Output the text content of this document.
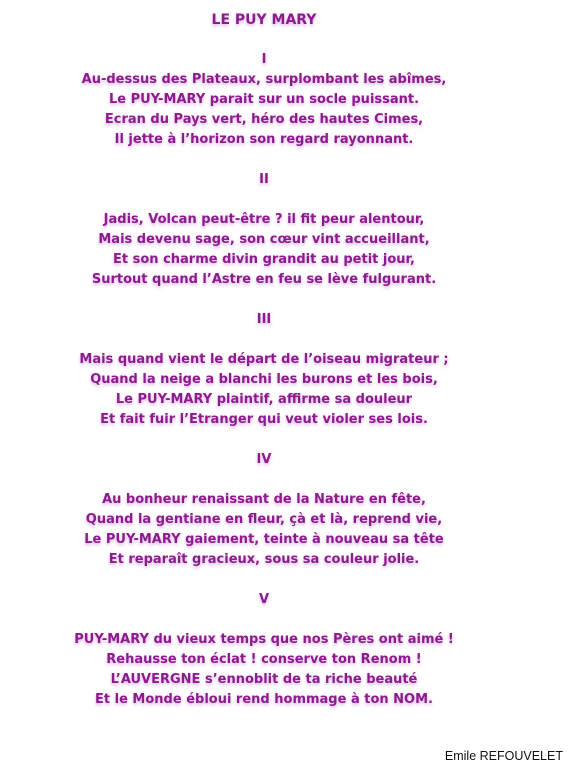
LE PUY MARY
I
Au-dessus des Plateaux, surplombant les abîmes,
Le PUY-MARY parait sur un socle puissant.
Ecran du Pays vert, héro des hautes Cimes,
Il jette à l’horizon son regard rayonnant.
II
Jadis, Volcan peut-être ? il fit peur alentour,
Mais devenu sage, son cœur vint accueillant,
Et son charme divin grandit au petit jour,
Surtout quand l’Astre en feu se lève fulgurant.
III
Mais quand vient le départ de l’oiseau migrateur ;
Quand la neige a blanchi les burons et les bois,
Le PUY-MARY plaintif, affirme sa douleur
Et fait fuir l’Etranger qui veut violer ses lois.
IV
Au bonheur renaissant de la Nature en fête,
Quand la gentiane en fleur, çà et là, reprend vie,
Le PUY-MARY gaiement, teinte à nouveau sa tête
Et reparaît gracieux, sous sa couleur jolie.
V
PUY-MARY du vieux temps que nos Pères ont aimé !
Rehausse ton éclat ! conserve ton Renom !
L’AUVERGNE s’ennoblit de ta riche beauté
Et le Monde ébloui rend hommage à ton NOM.
Emile REFOUVELET
